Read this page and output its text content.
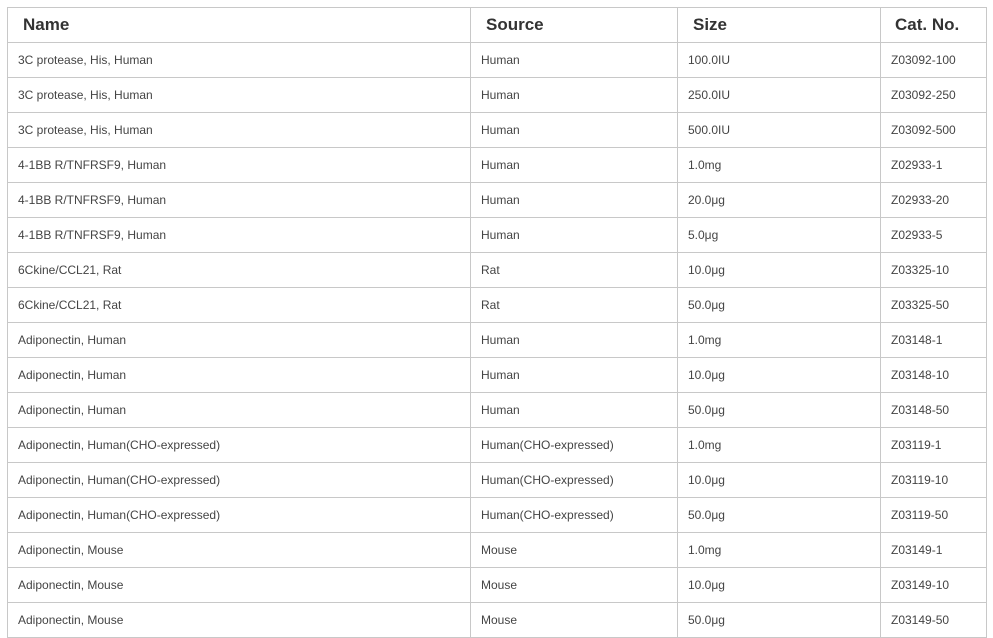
Name	Source	Size	Cat. No.
3C protease, His, Human	Human	100.0IU	Z03092-100
3C protease, His, Human	Human	250.0IU	Z03092-250
3C protease, His, Human	Human	500.0IU	Z03092-500
4-1BB R/TNFRSF9, Human	Human	1.0mg	Z02933-1
4-1BB R/TNFRSF9, Human	Human	20.0μg	Z02933-20
4-1BB R/TNFRSF9, Human	Human	5.0μg	Z02933-5
6Ckine/CCL21, Rat	Rat	10.0μg	Z03325-10
6Ckine/CCL21, Rat	Rat	50.0μg	Z03325-50
Adiponectin, Human	Human	1.0mg	Z03148-1
Adiponectin, Human	Human	10.0μg	Z03148-10
Adiponectin, Human	Human	50.0μg	Z03148-50
Adiponectin, Human(CHO-expressed)	Human(CHO-expressed)	1.0mg	Z03119-1
Adiponectin, Human(CHO-expressed)	Human(CHO-expressed)	10.0μg	Z03119-10
Adiponectin, Human(CHO-expressed)	Human(CHO-expressed)	50.0μg	Z03119-50
Adiponectin, Mouse	Mouse	1.0mg	Z03149-1
Adiponectin, Mouse	Mouse	10.0μg	Z03149-10
Adiponectin, Mouse	Mouse	50.0μg	Z03149-50
